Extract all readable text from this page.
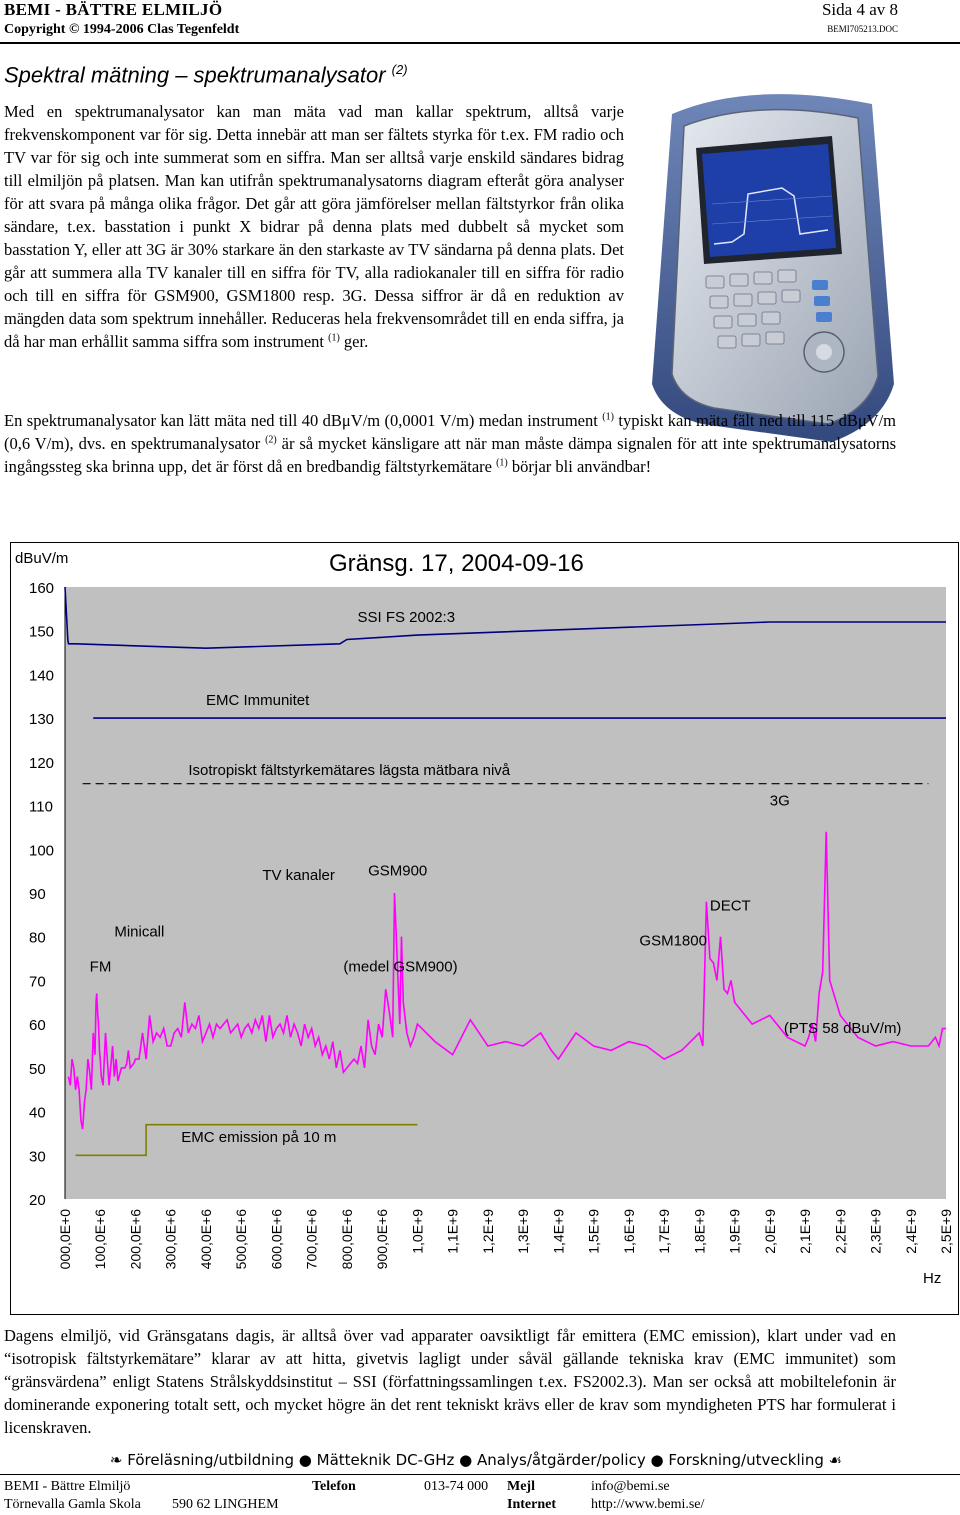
BEMI - BÄTTRE ELMILJÖ
Copyright © 1994-2006 Clas Tegenfeldt
Sida 4 av 8
BEMI705213.DOC
Spektral mätning – spektrumanalysator $^{(2)}$

Med en spektrumanalysator kan man mäta vad man kallar spektrum, alltså varje frekvenskomponent var för sig. Detta innebär att man ser fältets styrka för t.ex. FM radio och TV var för sig och inte summerat som en siffra. Man ser alltså varje enskild sändares bidrag till elmiljön på platsen. Man kan utifrån spektrumanalysatorns diagram efteråt göra analyser för att svara på många olika frågor. Det går att göra jämförelser mellan fältstyrkor från olika sändare, t.ex. basstation i punkt X bidrar på denna plats med dubbelt så mycket som basstation Y, eller att 3G är 30% starkare än den starkaste av TV sändarna på denna plats. Det går att summera alla TV kanaler till en siffra för TV, alla radiokanaler till en siffra för radio och till en siffra för GSM900, GSM1800 resp. 3G. Dessa siffror är då en reduktion av mängden data som spektrum innehåller. Reduceras hela frekvensområdet till en enda siffra, ja då har man erhållit samma siffra som instrument $^{(1)}$ ger.

En spektrumanalysator kan lätt mäta ned till 40 dBμV/m (0,0001 V/m) medan instrument $^{(1)}$ typiskt kan mäta fält ned till 115 dBμV/m (0,6 V/m), dvs. en spektrumanalysator $^{(2)}$ är så mycket känsligare att när man måste dämpa signalen för att inte spektrumanalysatorns ingångssteg ska brinna upp, det är först då en bredbandig fältstyrkemätare $^{(1)}$ börjar bli användbar!

20
30
40
50
60
70
80
90
100
110
120
130
140
150
160
dBuV/m
000,0E+0 100,0E+6 200,0E+6 300,0E+6 400,0E+6 500,0E+6 600,0E+6 700,0E+6 800,0E+6 900,0E+6 1,0E+9 1,1E+9 1,2E+9 1,3E+9 1,4E+9 1,5E+9 1,6E+9 1,7E+9 1,8E+9 1,9E+9 2,0E+9 2,1E+9 2,2E+9 2,3E+9 2,4E+9 2,5E+9
Hz
Gränsg. 17, 2004-09-16
SSI FS 2002:3
EMC Immunitet
Isotropiskt fältstyrkemätares lägsta mätbara nivå
3G
TV kanaler GSM900
DECT
Minicall
GSM1800
FM	(medel GSM900)
(PTS 58 dBuV/m)
EMC emission på 10 m

Dagens elmiljö, vid Gränsgatans dagis, är alltså över vad apparater oavsiktligt får emittera (EMC emission), klart under vad en “isotropisk fältstyrkemätare” klarar av att hitta, givetvis lagligt under såväl gällande tekniska krav (EMC immunitet) som “gränsvärdena” enligt Statens Strålskyddsinstitut – SSI (författningssamlingen t.ex. FS2002.3). Man ser också att mobiltelefonin är dominerande exponering totalt sett, och mycket högre än det rent tekniskt krävs eller de krav som myndigheten PTS har formulerat i licenskraven.

❧ Föreläsning/utbildning ● Mätteknik DC-GHz ● Analys/åtgärder/policy ● Forskning/utveckling ☙
BEMI - Bättre Elmiljö
Törnevalla Gamla Skola 590 62 LINGHEM
Telefon	013-74 000 Mejl	info@bemi.se
Internet	http://www.bemi.se/
